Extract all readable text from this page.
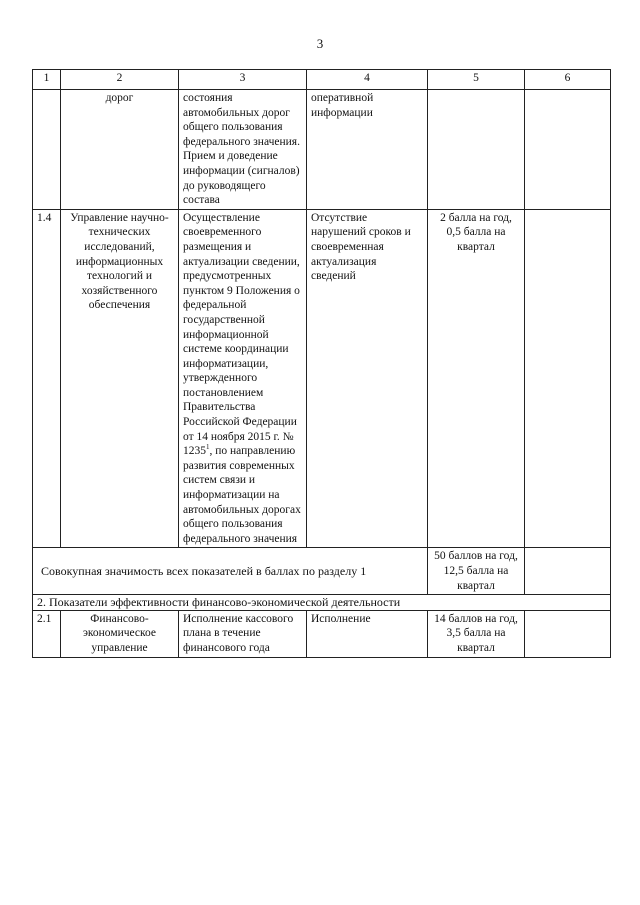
3
1	2	3	4	5	6
	дорог	состояния автомобильных дорог общего пользования федерального значения. Прием и доведение информации (сигналов) до руководящего состава	оперативной информации		
1.4	Управление научно-технических исследований, информационных технологий и хозяйственного обеспечения	Осуществление своевременного размещения и актуализации сведении, предусмотренных пунктом 9 Положения о федеральной государственной информационной системе координации информатизации, утвержденного постановлением Правительства Российской Федерации от 14 ноября 2015 г. № 1235$^1$, по направлению развития современных систем связи и информатизации на автомобильных дорогах общего пользования федерального значения	Отсутствие нарушений сроков и своевременная актуализация сведений	2 балла на год, 0,5 балла на квартал	
Совокупная значимость всех показателей в баллах по разделу 1				50 баллов на год, 12,5 балла на квартал	
2. Показатели эффективности финансово-экономической деятельности					
2.1	Финансово-экономическое управление	Исполнение кассового плана в течение финансового года	Исполнение	14 баллов на год, 3,5 балла на квартал	
